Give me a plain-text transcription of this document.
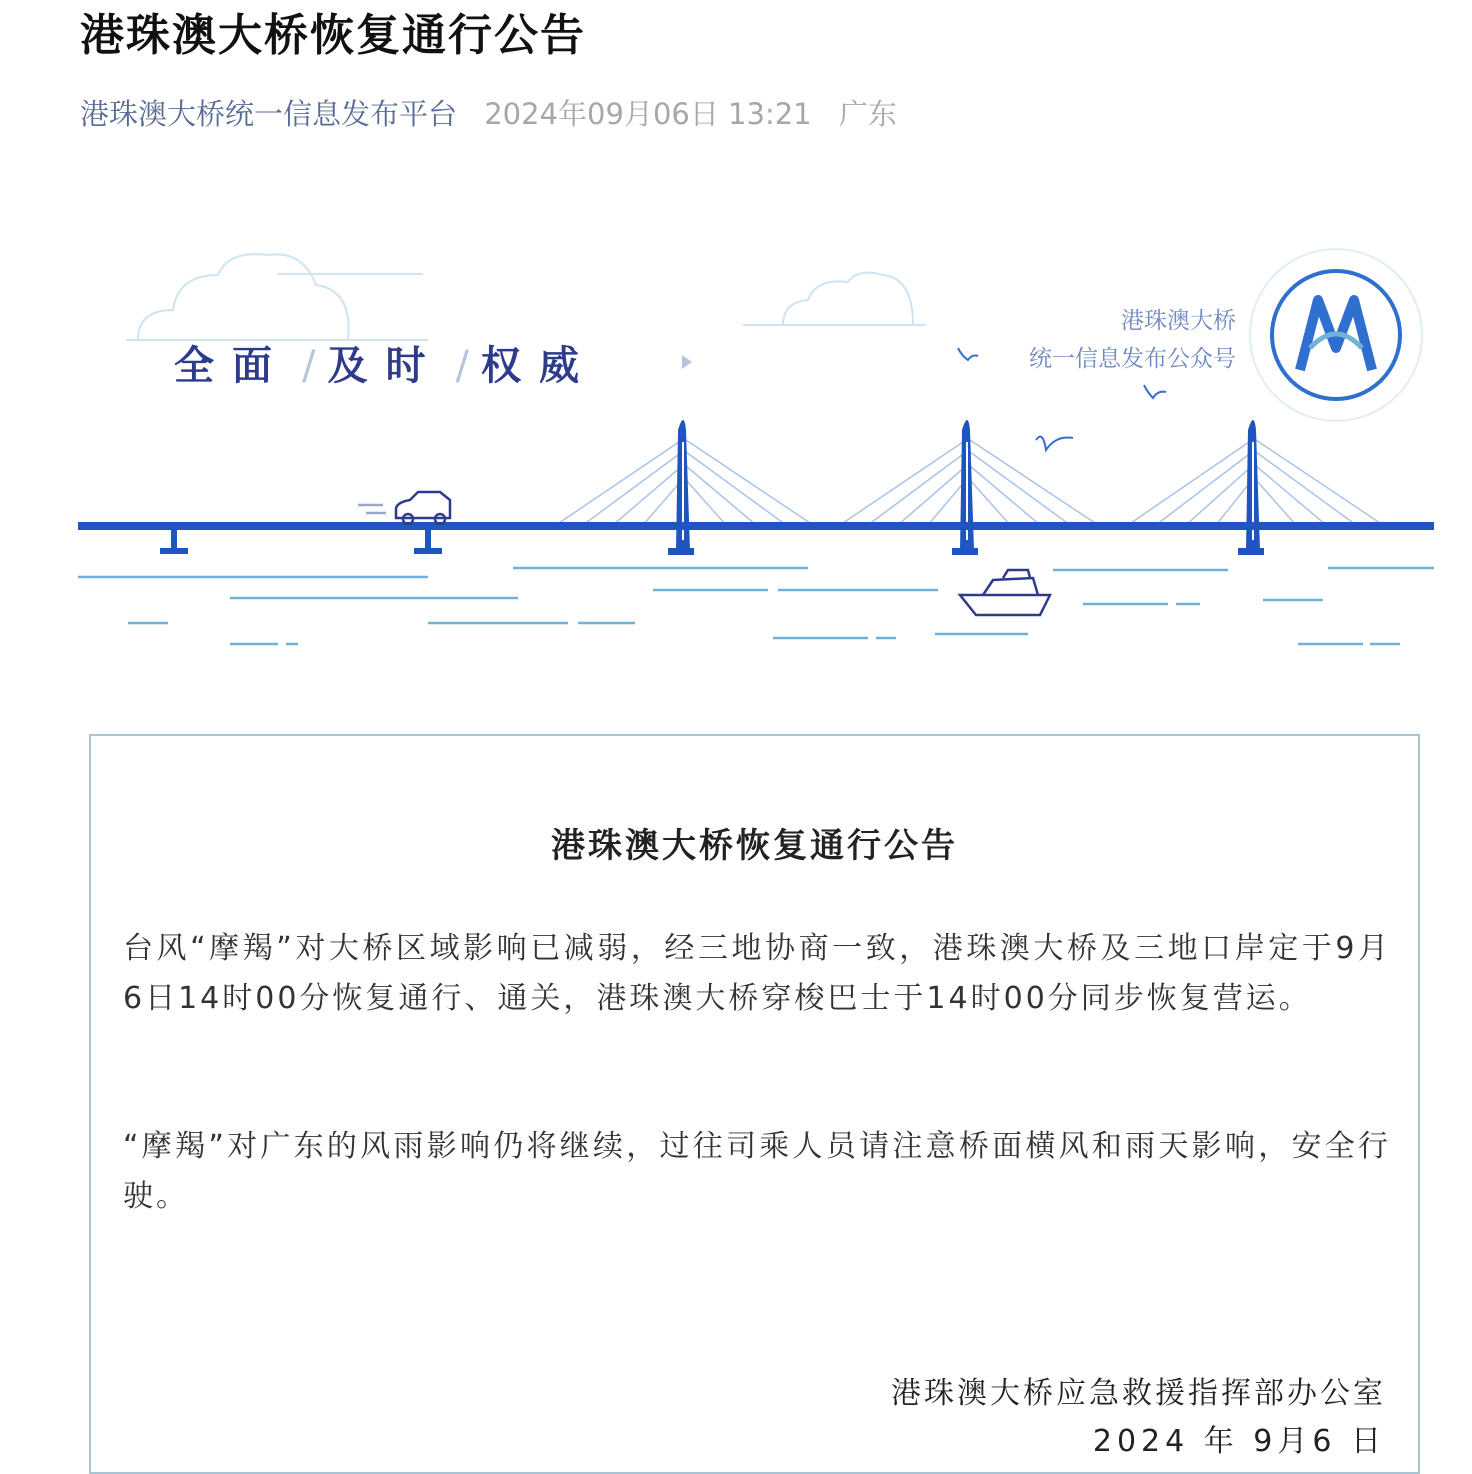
港珠澳大桥恢复通行公告
港珠澳大桥统一信息发布平台 2024年09月06日 13:21 广东
全面 / 及时 / 权威
港珠澳大桥
统一信息发布公众号
港珠澳大桥恢复通行公告

台风“摩羯”对大桥区域影响已减弱，经三地协商一致，港珠澳大桥及三地口岸定于9月6日14时00分恢复通行、通关，港珠澳大桥穿梭巴士于14时00分同步恢复营运。

“摩羯”对广东的风雨影响仍将继续，过往司乘人员请注意桥面横风和雨天影响，安全行驶。

港珠澳大桥应急救援指挥部办公室
2024 年 9月6 日
